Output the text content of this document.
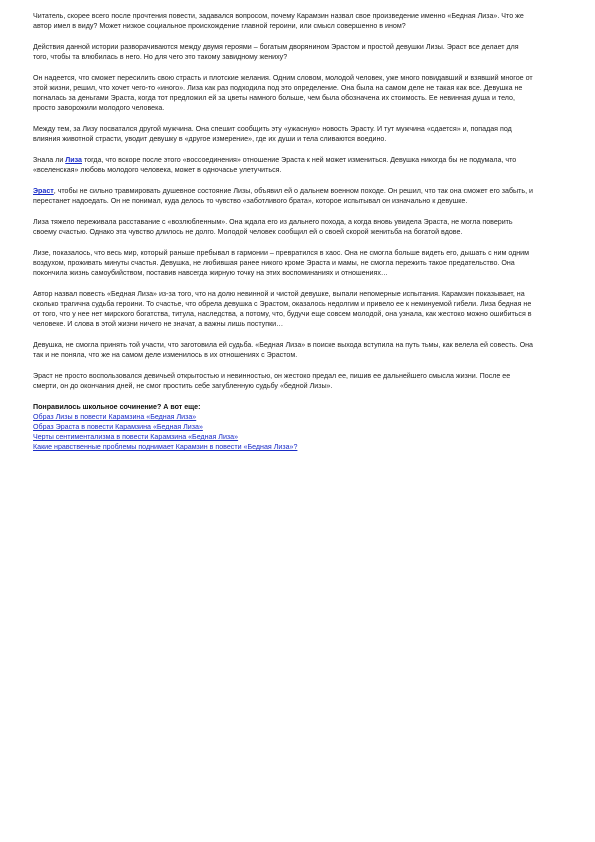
Читатель, скорее всего после прочтения повести, задавался вопросом, почему Карамзин назвал свое произведение именно «Бедная Лиза». Что же автор имел в виду? Может низкое социальное происхождение главной героини, или смысл совершенно в ином?

Действия данной истории разворачиваются между двумя героями – богатым дворянином Эрастом и простой девушки Лизы. Эраст все делает для того, чтобы та влюбилась в него. Но для чего это такому завидному жениху?

Он надеется, что сможет пересилить свою страсть и плотские желания. Одним словом, молодой человек, уже много повидавший и взявший многое от этой жизни, решил, что хочет чего-то «иного». Лиза как раз подходила под это определение. Она была на самом деле не такая как все. Девушка не погналась за деньгами Эраста, когда тот предложил ей за цветы намного больше, чем была обозначена их стоимость. Ее невинная душа и тело, просто заворожили молодого человека.

Между тем, за Лизу посватался другой мужчина. Она спешит сообщить эту «ужасную» новость Эрасту. И тут мужчина «сдается» и, попадая под влияния животной страсти, уводит девушку в «другое измерение», где их души и тела сливаются воедино.

Знала ли Лиза тогда, что вскоре после этого «воссоединения» отношение Эраста к ней может измениться. Девушка никогда бы не подумала, что «вселенская» любовь молодого человека, может в одночасье улетучиться.

Эраст, чтобы не сильно травмировать душевное состояние Лизы, объявил ей о дальнем военном походе. Он решил, что так она сможет его забыть, и перестанет надоедать. Он не понимал, куда делось то чувство «заботливого брата», которое испытывал он изначально к девушке.

Лиза тяжело переживала расставание с «возлюбленным». Она ждала его из дальнего похода, а когда вновь увидела Эраста, не могла поверить своему счастью. Однако эта чувство длилось не долго. Молодой человек сообщил ей о своей скорой женитьба на богатой вдове.

Лизе, показалось, что весь мир, который раньше пребывал в гармонии – превратился в хаос. Она не смогла больше видеть его, дышать с ним одним воздухом, проживать минуты счастья. Девушка, не любившая ранее никого кроме Эраста и мамы, не смогла пережить такое предательство. Она покончила жизнь самоубийством, поставив навсегда жирную точку на этих воспоминаниях и отношениях…

Автор назвал повесть «Бедная Лиза» из-за того, что на долю невинной и чистой девушке, выпали непомерные испытания. Карамзин показывает, на сколько трагична судьба героини. То счастье, что обрела девушка с Эрастом, оказалось недолгим и привело ее к неминуемой гибели. Лиза бедная не от того, что у нее нет мирского богатства, титула, наследства, а потому, что, будучи еще совсем молодой, она узнала, как жестоко можно ошибиться в человеке. И слова в этой жизни ничего не значат, а важны лишь поступки…

Девушка, не смогла принять той участи, что заготовила ей судьба. «Бедная Лиза» в поиске выхода вступила на путь тьмы, как велела ей совесть. Она так и не поняла, что же на самом деле изменилось в их отношениях с Эрастом.

Эраст не просто воспользовался девичьей открытостью и невинностью, он жестоко предал ее, пишив ее дальнейшего смысла жизни. После ее смерти, он до окончания дней, не смог простить себе загубленную судьбу «бедной Лизы».

Понравилось школьное сочинение? А вот еще:
Образ Лизы в повести Карамзина «Бедная Лиза»
Образ Эраста в повести Карамзина «Бедная Лиза»
Черты сентиментализма в повести Карамзина «Бедная Лиза»
Какие нравственные проблемы поднимает Карамзин в повести «Бедная Лиза»?
